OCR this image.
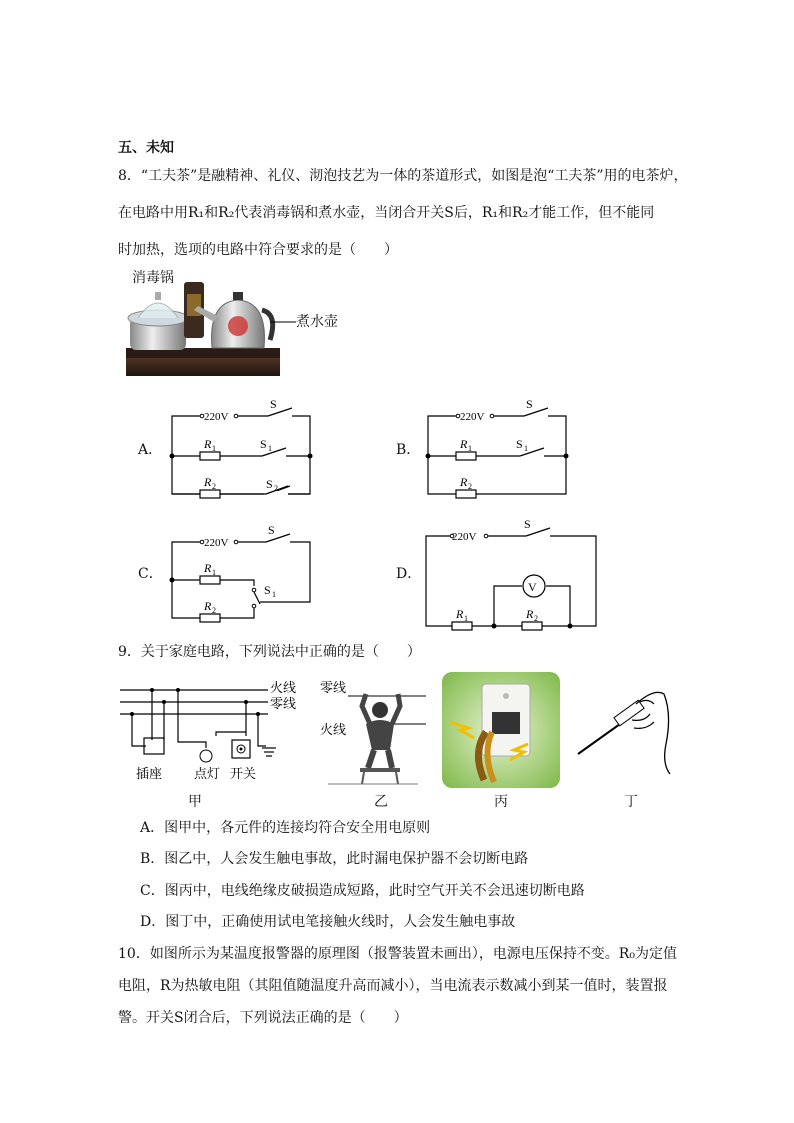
五、未知
8．“工夫茶”是融精神、礼仪、沏泡技艺为一体的茶道形式，如图是泡“工夫茶”用的电茶炉，
在电路中用R₁和R₂代表消毒锅和煮水壶，当闭合开关S后，R₁和R₂才能工作，但不能同
时加热，选项的电路中符合要求的是（　　）
消毒锅
煮水壶
A．	B．
C．	D．
220V
S
R 1	S 1
R 2	S 2
220V
S
R 1	S 1
R 2
220V
S
R 1
S 1
R 2
V
220V
S
R 1	R 2
9．关于家庭电路，下列说法中正确的是（　　）
火线
零线
插座 点灯 开关
零线
火线
甲	乙	丙	丁
A．图甲中，各元件的连接均符合安全用电原则
B．图乙中，人会发生触电事故，此时漏电保护器不会切断电路
C．图丙中，电线绝缘皮破损造成短路，此时空气开关不会迅速切断电路
D．图丁中，正确使用试电笔接触火线时，人会发生触电事故
10．如图所示为某温度报警器的原理图（报警装置未画出），电源电压保持不变。R₀为定值
电阻，R为热敏电阻（其阻值随温度升高而减小），当电流表示数减小到某一值时，装置报
警。开关S闭合后，下列说法正确的是（　　）
